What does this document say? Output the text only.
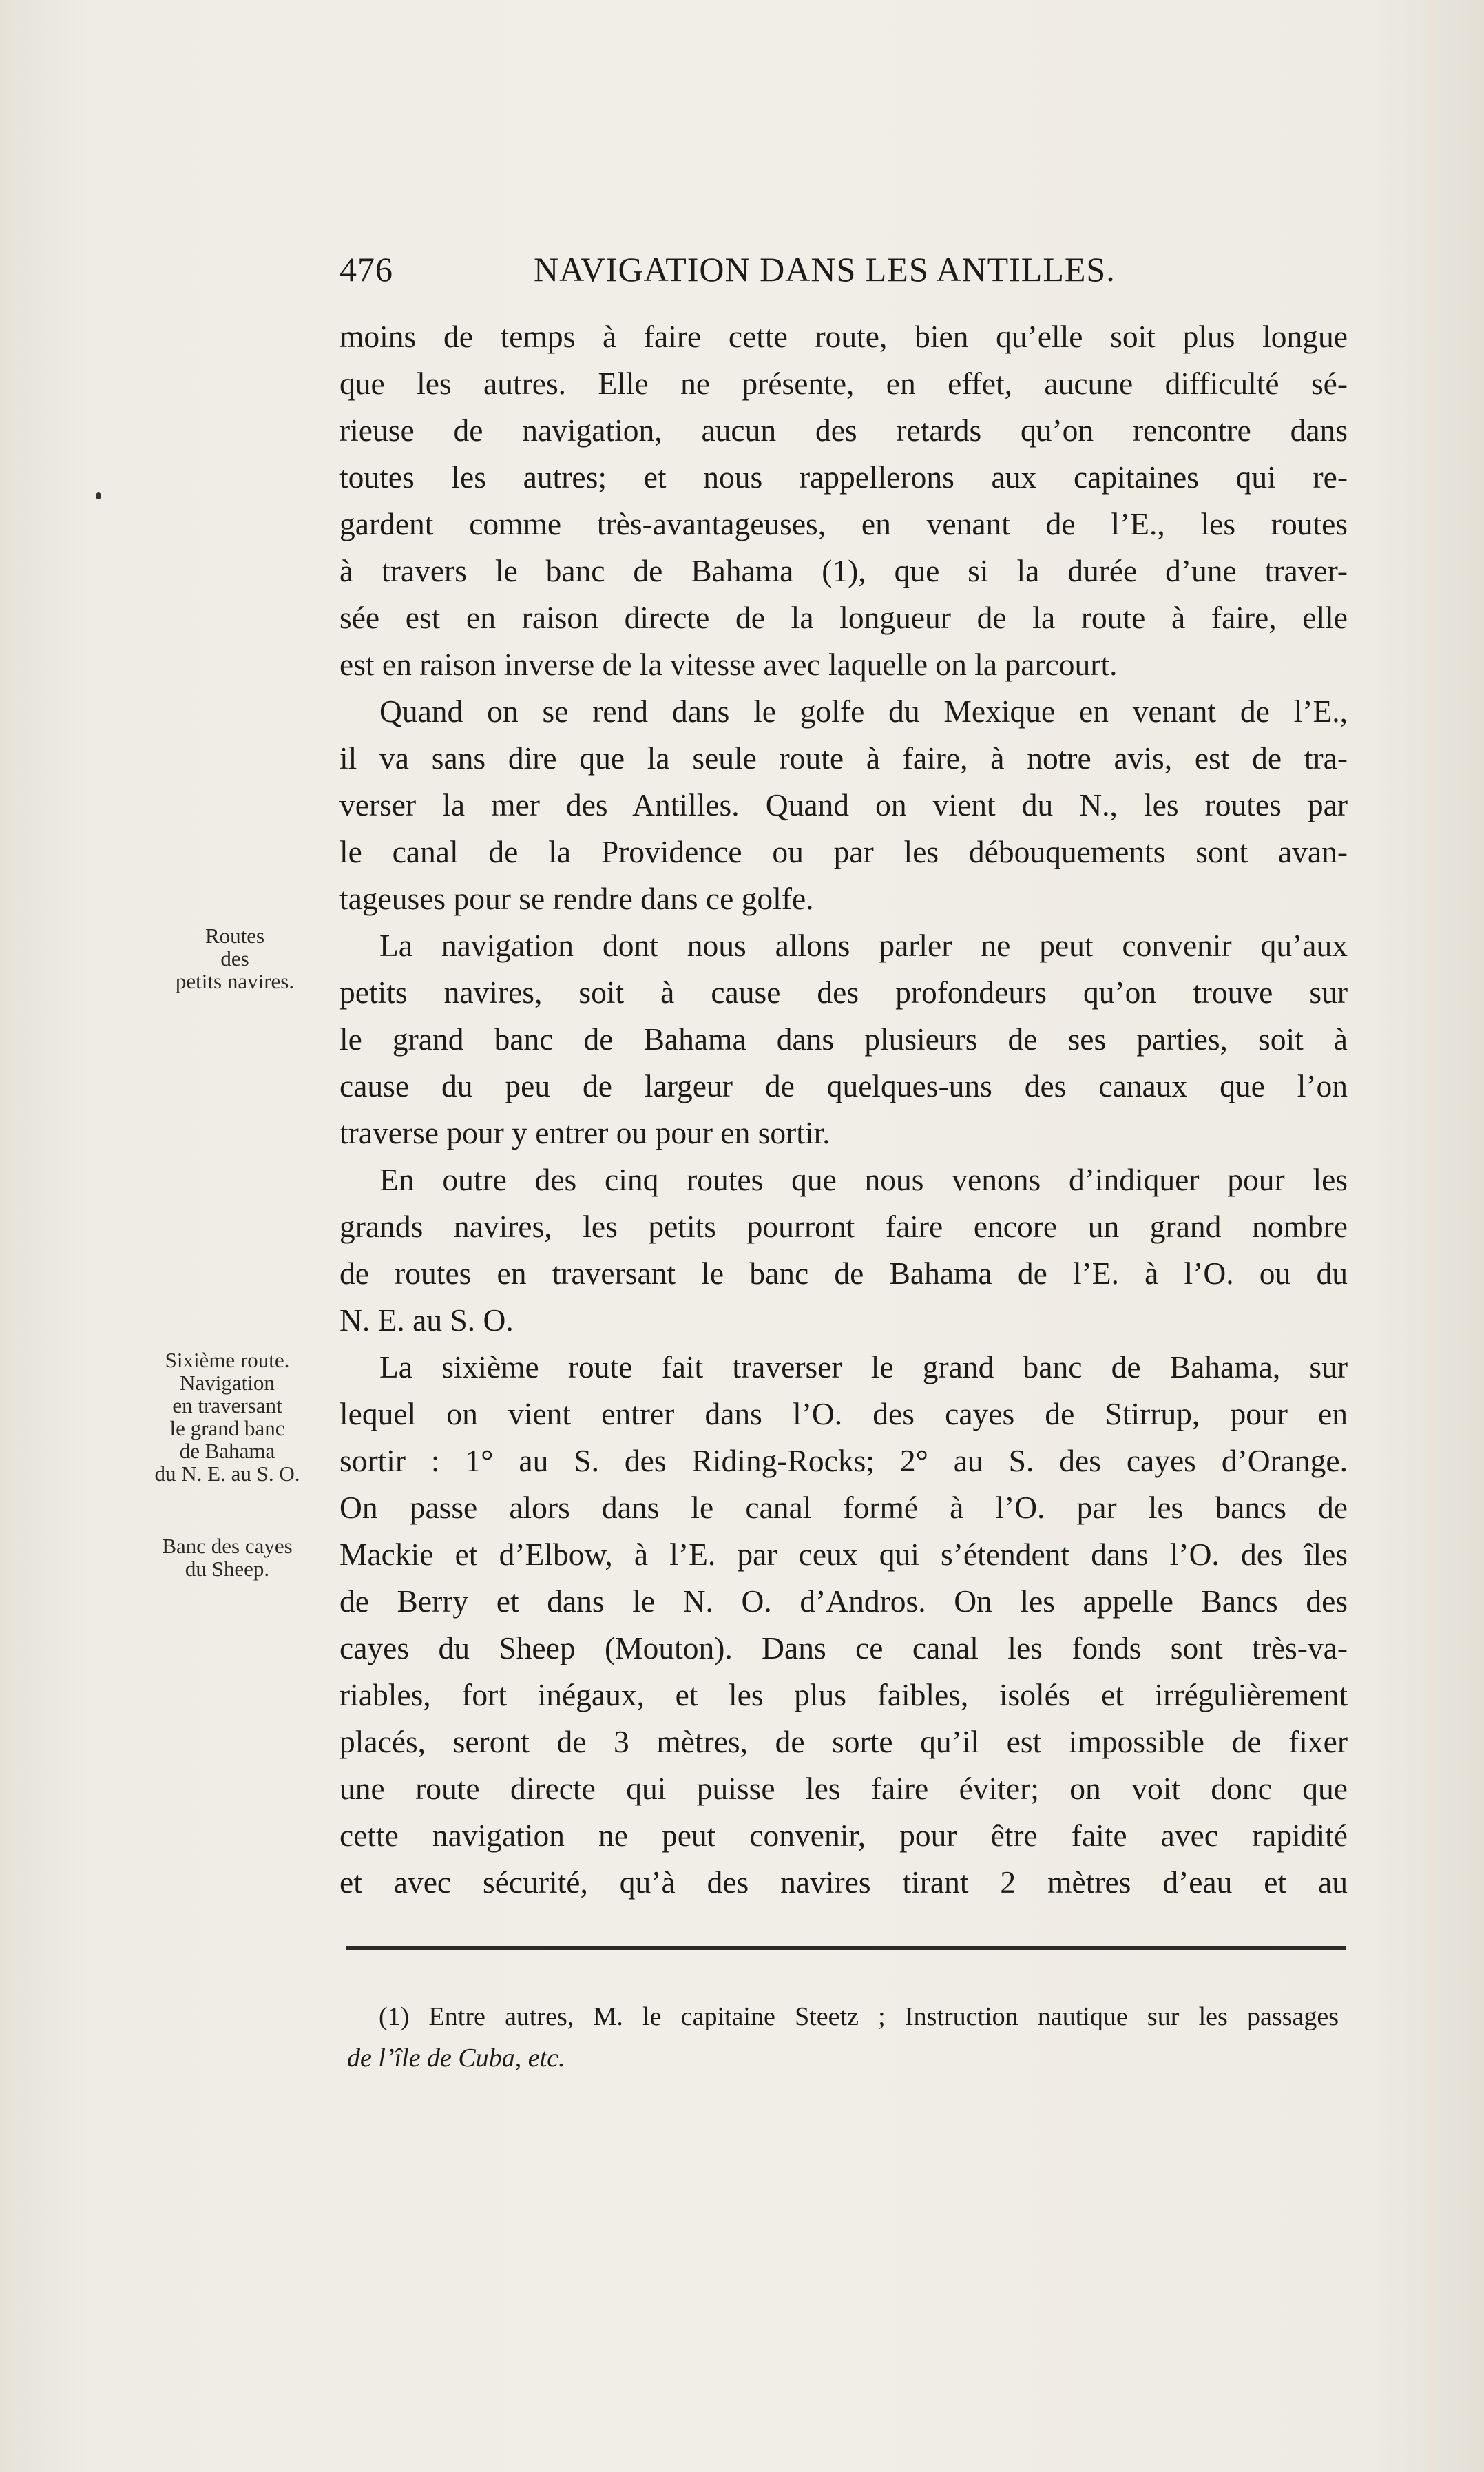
476	NAVIGATION DANS LES ANTILLES.
moins de temps à faire cette route, bien qu’elle soit plus longue
que les autres. Elle ne présente, en effet, aucune difficulté sé-
rieuse de navigation, aucun des retards qu’on rencontre dans
toutes les autres; et nous rappellerons aux capitaines qui re-
gardent comme très-avantageuses, en venant de l’E., les routes
à travers le banc de Bahama (1), que si la durée d’une traver-
sée est en raison directe de la longueur de la route à faire, elle
est en raison inverse de la vitesse avec laquelle on la parcourt.
Quand on se rend dans le golfe du Mexique en venant de l’E.,
il va sans dire que la seule route à faire, à notre avis, est de tra-
verser la mer des Antilles. Quand on vient du N., les routes par
le canal de la Providence ou par les débouquements sont avan-
tageuses pour se rendre dans ce golfe.
La navigation dont nous allons parler ne peut convenir qu’aux
petits navires, soit à cause des profondeurs qu’on trouve sur
le grand banc de Bahama dans plusieurs de ses parties, soit à
cause du peu de largeur de quelques-uns des canaux que l’on
traverse pour y entrer ou pour en sortir.
En outre des cinq routes que nous venons d’indiquer pour les
grands navires, les petits pourront faire encore un grand nombre
de routes en traversant le banc de Bahama de l’E. à l’O. ou du
N. E. au S. O.
La sixième route fait traverser le grand banc de Bahama, sur
lequel on vient entrer dans l’O. des cayes de Stirrup, pour en
sortir : 1° au S. des Riding-Rocks; 2° au S. des cayes d’Orange.
On passe alors dans le canal formé à l’O. par les bancs de
Mackie et d’Elbow, à l’E. par ceux qui s’étendent dans l’O. des îles
de Berry et dans le N. O. d’Andros. On les appelle Bancs des
cayes du Sheep (Mouton). Dans ce canal les fonds sont très-va-
riables, fort inégaux, et les plus faibles, isolés et irrégulièrement
placés, seront de 3 mètres, de sorte qu’il est impossible de fixer
une route directe qui puisse les faire éviter; on voit donc que
cette navigation ne peut convenir, pour être faite avec rapidité
et avec sécurité, qu’à des navires tirant 2 mètres d’eau et au
Routes
des
petits navires.
Sixième route.
Navigation
en traversant
le grand banc
de Bahama
du N. E. au S. O.
Banc des cayes
du Sheep.
(1) Entre autres, M. le capitaine Steetz ; Instruction nautique sur les passages
de l’île de Cuba, etc.
